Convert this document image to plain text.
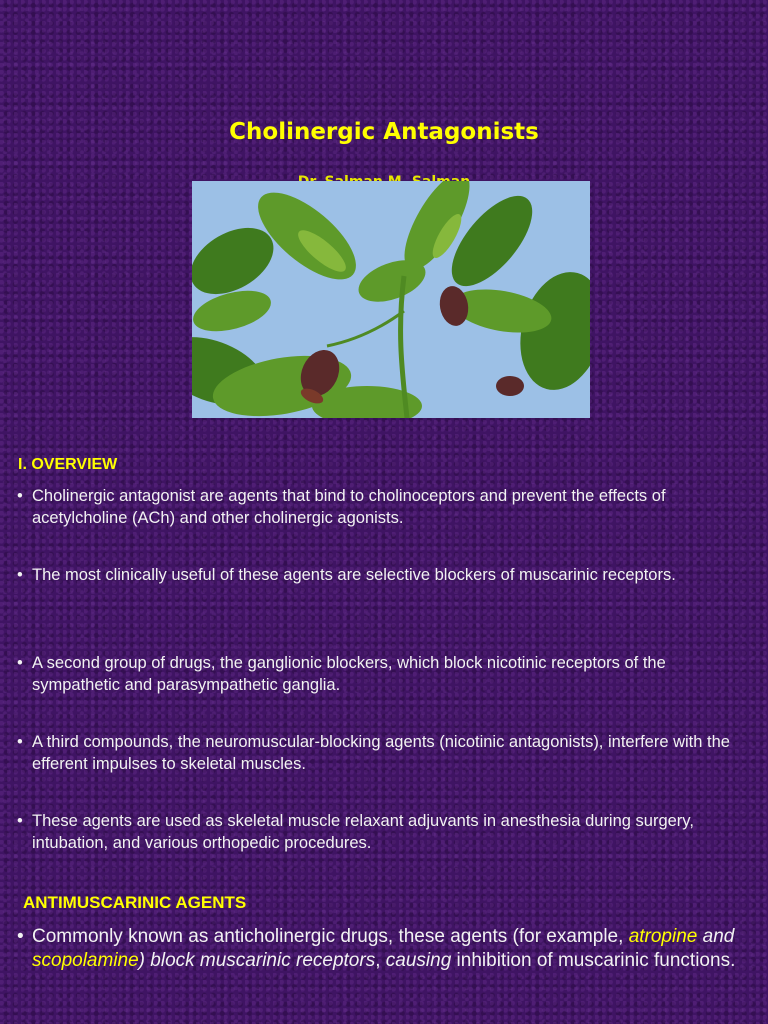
Cholinergic Antagonists
I. OVERVIEW
• Cholinergic antagonist are agents that bind to cholinoceptors and prevent the effects of acetylcholine (ACh) and other cholinergic agonists.
• The most clinically useful of these agents are selective blockers of muscarinic receptors.
• A second group of drugs, the ganglionic blockers, which block nicotinic receptors of the sympathetic and parasympathetic ganglia.
• A third compounds, the neuromuscular-blocking agents (nicotinic antagonists), interfere with the efferent impulses to skeletal muscles.
• These agents are used as skeletal muscle relaxant adjuvants in anesthesia during surgery, intubation, and various orthopedic procedures.
ANTIMUSCARINIC AGENTS
• Commonly known as anticholinergic drugs, these agents (for example, atropine and scopolamine) block muscarinic receptors, causing inhibition of muscarinic functions.
